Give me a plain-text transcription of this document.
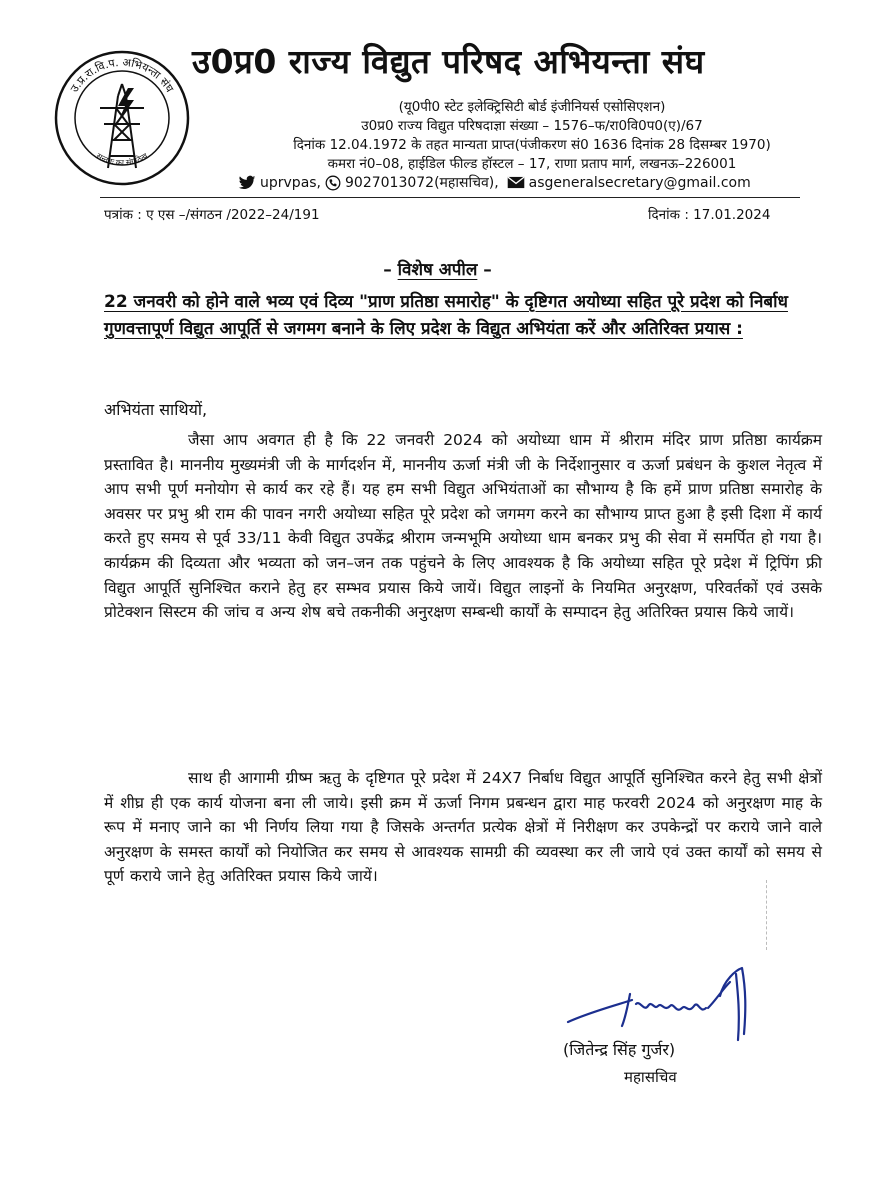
उ.प्र.रा.वि.प. अभियन्ता संघ
सन्ततः का संगठित्व
उ0प्र0 राज्य विद्युत परिषद अभियन्ता संघ
(यू0पी0 स्टेट इलेक्ट्रिसिटी बोर्ड इंजीनियर्स एसोसिएशन)
उ0प्र0 राज्य विद्युत परिषदाज्ञा संख्या – 1576–फ/रा0वि0प0(ए)/67
दिनांक 12.04.1972 के तहत मान्यता प्राप्त(पंजीकरण सं0 1636 दिनांक 28 दिसम्बर 1970)
कमरा नं0–08, हाईडिल फील्ड हॉस्टल – 17, राणा प्रताप मार्ग, लखनऊ–226001
uprvpas, 9027013072(महासचिव), asgeneralsecretary@gmail.com
पत्रांक : ए एस –/संगठन /2022–24/191	दिनांक : 17.01.2024
– विशेष अपील –
22 जनवरी को होने वाले भव्य एवं दिव्य "प्राण प्रतिष्ठा समारोह" के दृष्टिगत अयोध्या सहित पूरे प्रदेश को निर्बाध गुणवत्तापूर्ण विद्युत आपूर्ति से जगमग बनाने के लिए प्रदेश के विद्युत अभियंता करें और अतिरिक्त प्रयास :
अभियंता साथियों,
जैसा आप अवगत ही है कि 22 जनवरी 2024 को अयोध्या धाम में श्रीराम मंदिर प्राण प्रतिष्ठा कार्यक्रम प्रस्तावित है। माननीय मुख्यमंत्री जी के मार्गदर्शन में, माननीय ऊर्जा मंत्री जी के निर्देशानुसार व ऊर्जा प्रबंधन के कुशल नेतृत्व में आप सभी पूर्ण मनोयोग से कार्य कर रहे हैं। यह हम सभी विद्युत अभियंताओं का सौभाग्य है कि हमें प्राण प्रतिष्ठा समारोह के अवसर पर प्रभु श्री राम की पावन नगरी अयोध्या सहित पूरे प्रदेश को जगमग करने का सौभाग्य प्राप्त हुआ है इसी दिशा में कार्य करते हुए समय से पूर्व 33/11 केवी विद्युत उपकेंद्र श्रीराम जन्मभूमि अयोध्या धाम बनकर प्रभु की सेवा में समर्पित हो गया है। कार्यक्रम की दिव्यता और भव्यता को जन–जन तक पहुंचने के लिए आवश्यक है कि अयोध्या सहित पूरे प्रदेश में ट्रिपिंग फ्री विद्युत आपूर्ति सुनिश्चित कराने हेतु हर सम्भव प्रयास किये जायें। विद्युत लाइनों के नियमित अनुरक्षण, परिवर्तकों एवं उसके प्रोटेक्शन सिस्टम की जांच व अन्य शेष बचे तकनीकी अनुरक्षण सम्बन्धी कार्यों के सम्पादन हेतु अतिरिक्त प्रयास किये जायें।
साथ ही आगामी ग्रीष्म ऋतु के दृष्टिगत पूरे प्रदेश में 24X7 निर्बाध विद्युत आपूर्ति सुनिश्चित करने हेतु सभी क्षेत्रों में शीघ्र ही एक कार्य योजना बना ली जाये। इसी क्रम में ऊर्जा निगम प्रबन्धन द्वारा माह फरवरी 2024 को अनुरक्षण माह के रूप में मनाए जाने का भी निर्णय लिया गया है जिसके अन्तर्गत प्रत्येक क्षेत्रों में निरीक्षण कर उपकेन्द्रों पर कराये जाने वाले अनुरक्षण के समस्त कार्यों को नियोजित कर समय से आवश्यक सामग्री की व्यवस्था कर ली जाये एवं उक्त कार्यों को समय से पूर्ण कराये जाने हेतु अतिरिक्त प्रयास किये जायें।
(जितेन्द्र सिंह गुर्जर)
महासचिव
